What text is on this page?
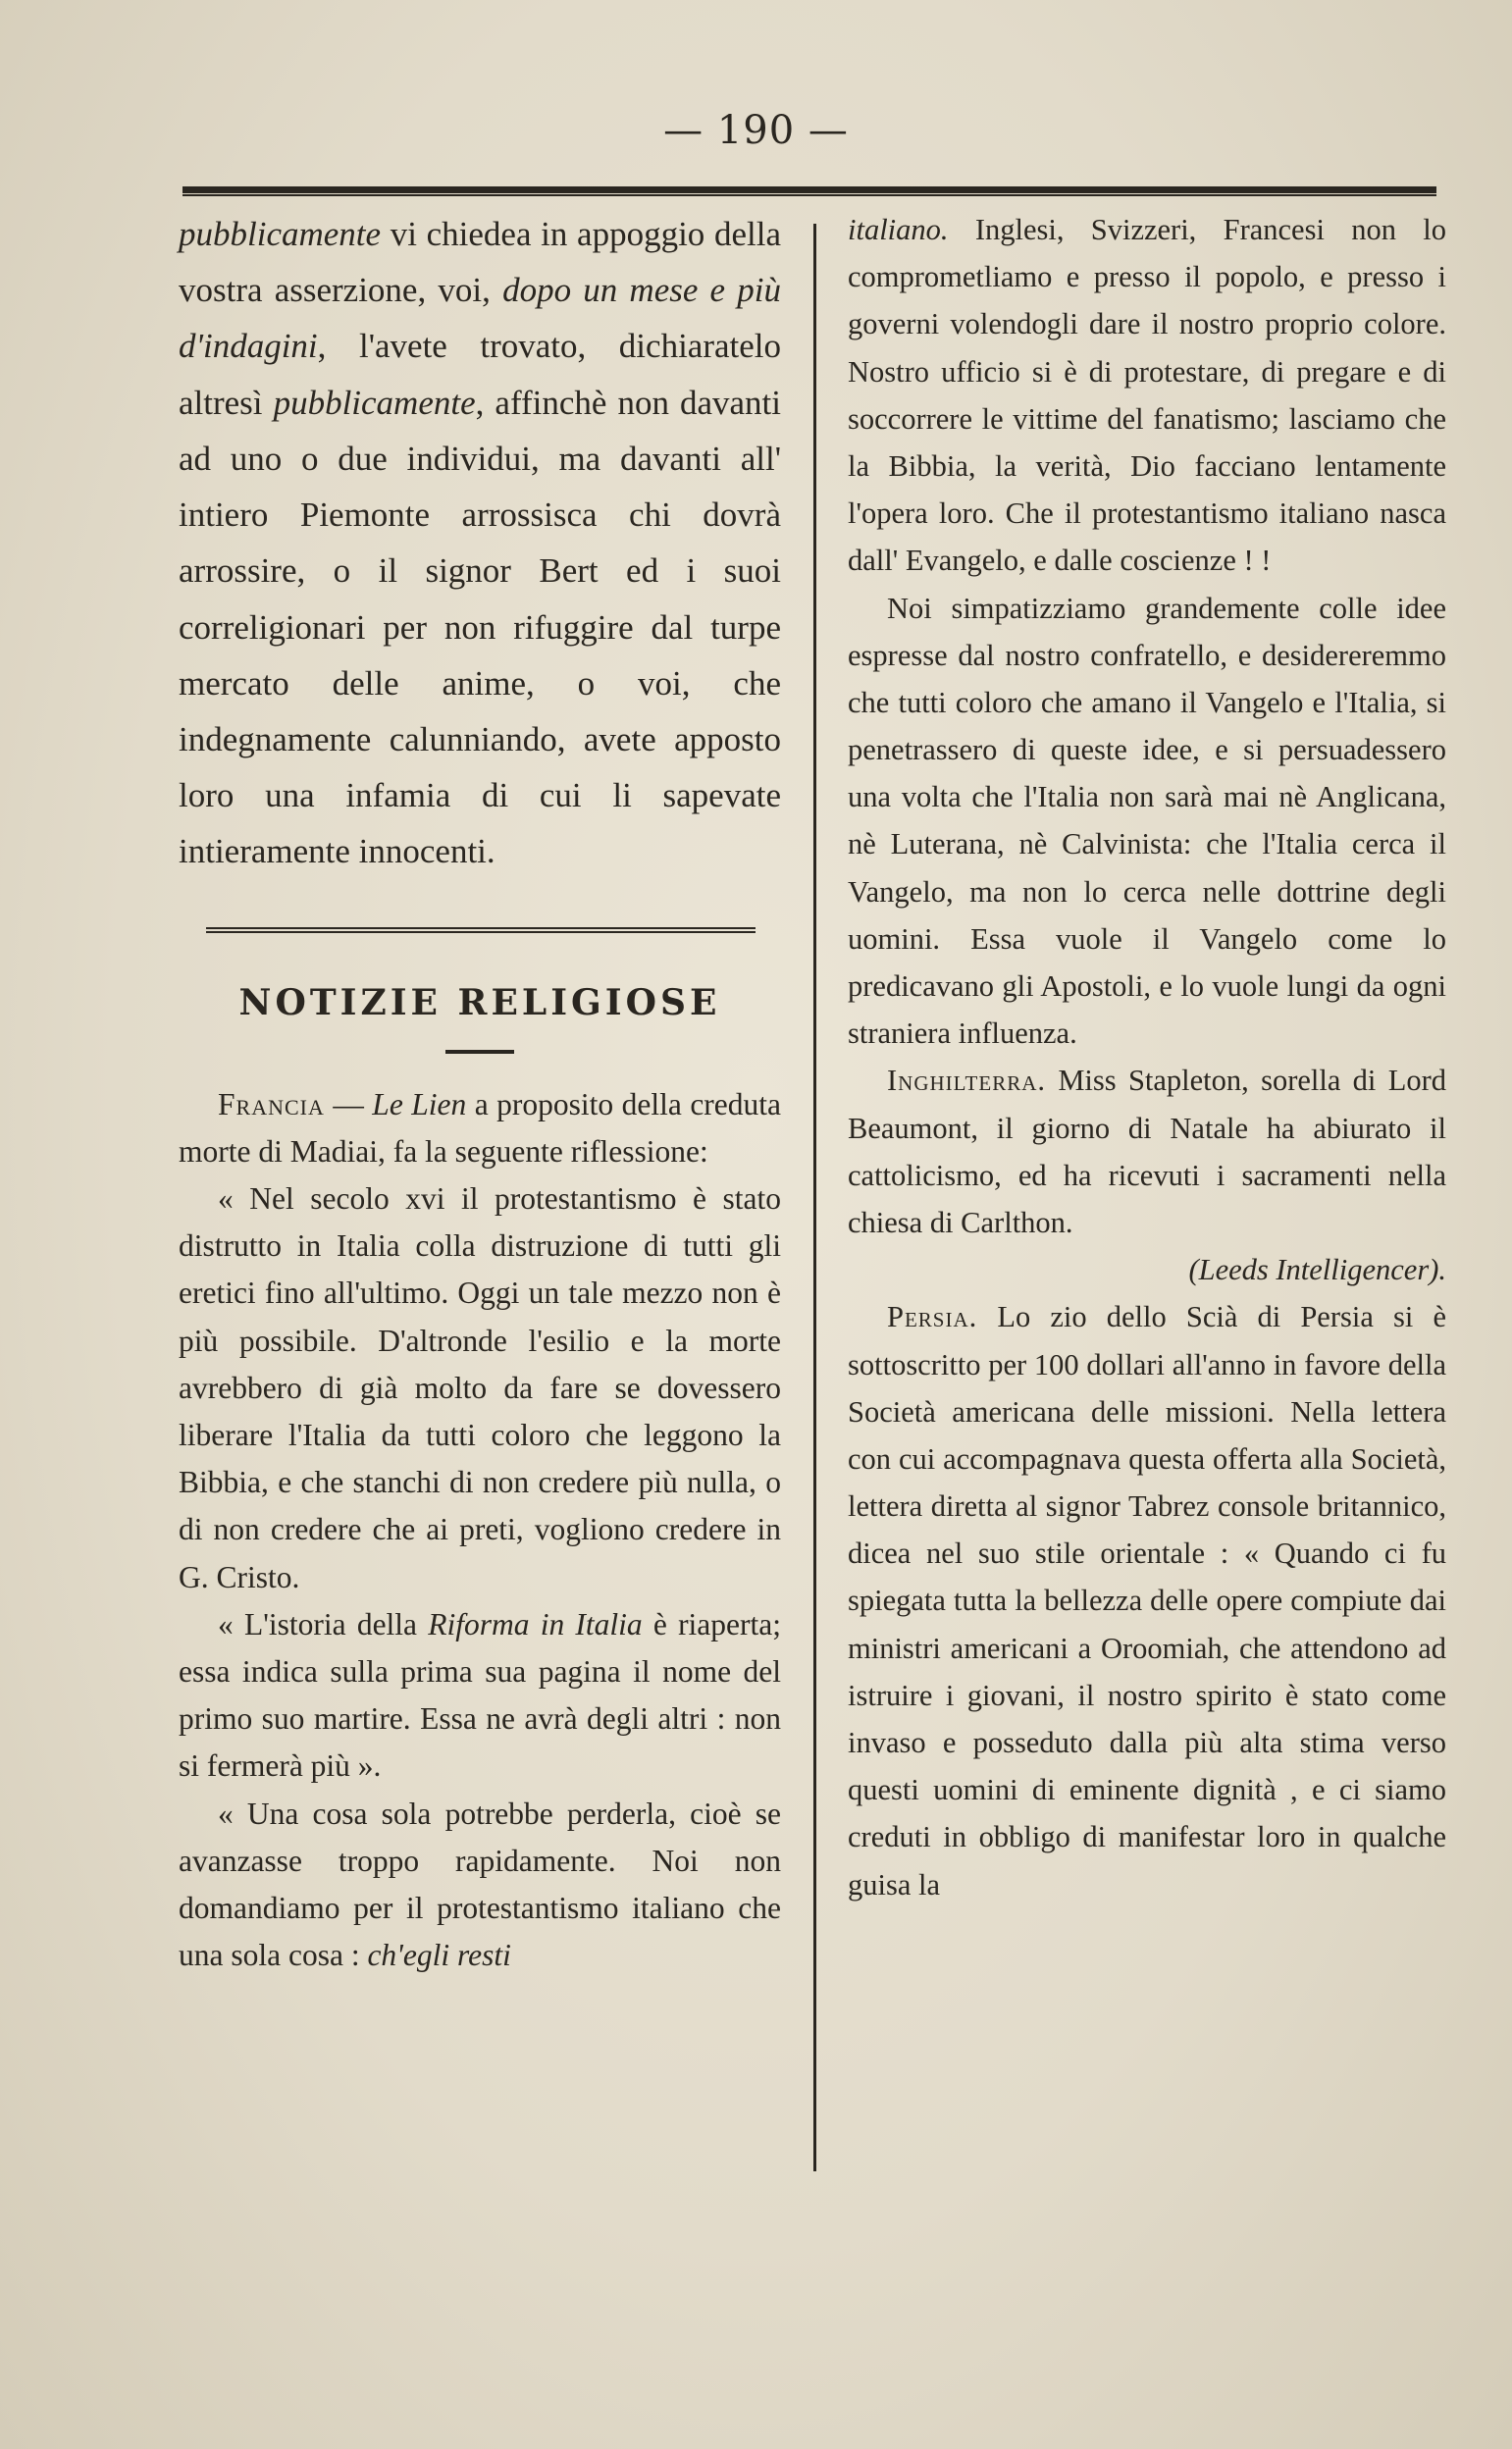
— 190 —

pubblicamente vi chiedea in appoggio della vostra asserzione, voi, dopo un mese e più d'indagini, l'avete trovato, dichiaratelo altresì pubblicamente, affinchè non davanti ad uno o due individui, ma davanti all' intiero Piemonte arrossisca chi dovrà arrossire, o il signor Bert ed i suoi correligionari per non rifuggire dal turpe mercato delle anime, o voi, che indegnamente calunniando, avete apposto loro una infamia di cui li sapevate intieramente innocenti.

NOTIZIE RELIGIOSE

Francia — Le Lien a proposito della creduta morte di Madiai, fa la seguente riflessione:

« Nel secolo xvi il protestantismo è stato distrutto in Italia colla distruzione di tutti gli eretici fino all'ultimo. Oggi un tale mezzo non è più possibile. D'altronde l'esilio e la morte avrebbero di già molto da fare se dovessero liberare l'Italia da tutti coloro che leggono la Bibbia, e che stanchi di non credere più nulla, o di non credere che ai preti, vogliono credere in G. Cristo.

« L'istoria della Riforma in Italia è riaperta; essa indica sulla prima sua pagina il nome del primo suo martire. Essa ne avrà degli altri : non si fermerà più ».

« Una cosa sola potrebbe perderla, cioè se avanzasse troppo rapidamente. Noi non domandiamo per il protestantismo italiano che una sola cosa : ch'egli resti

italiano. Inglesi, Svizzeri, Francesi non lo comprometliamo e presso il popolo, e presso i governi volendogli dare il nostro proprio colore. Nostro ufficio si è di protestare, di pregare e di soccorrere le vittime del fanatismo; lasciamo che la Bibbia, la verità, Dio facciano lentamente l'opera loro. Che il protestantismo italiano nasca dall' Evangelo, e dalle coscienze ! !

Noi simpatizziamo grandemente colle idee espresse dal nostro confratello, e desidereremmo che tutti coloro che amano il Vangelo e l'Italia, si penetrassero di queste idee, e si persuadessero una volta che l'Italia non sarà mai nè Anglicana, nè Luterana, nè Calvinista: che l'Italia cerca il Vangelo, ma non lo cerca nelle dottrine degli uomini. Essa vuole il Vangelo come lo predicavano gli Apostoli, e lo vuole lungi da ogni straniera influenza.

Inghilterra. Miss Stapleton, sorella di Lord Beaumont, il giorno di Natale ha abiurato il cattolicismo, ed ha ricevuti i sacramenti nella chiesa di Carlthon.

(Leeds Intelligencer).

Persia. Lo zio dello Scià di Persia si è sottoscritto per 100 dollari all'anno in favore della Società americana delle missioni. Nella lettera con cui accompagnava questa offerta alla Società, lettera diretta al signor Tabrez console britannico, dicea nel suo stile orientale : « Quando ci fu spiegata tutta la bellezza delle opere compiute dai ministri americani a Oroomiah, che attendono ad istruire i giovani, il nostro spirito è stato come invaso e posseduto dalla più alta stima verso questi uomini di eminente dignità , e ci siamo creduti in obbligo di manifestar loro in qualche guisa la
